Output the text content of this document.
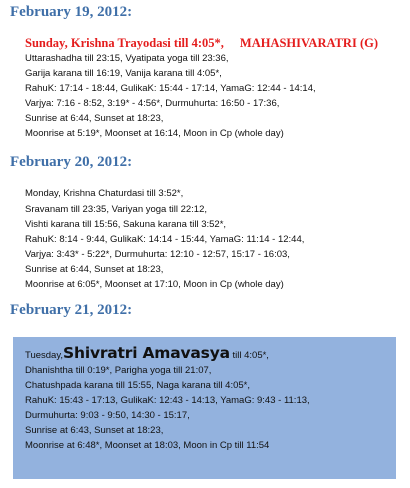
February 19, 2012:
Sunday, Krishna Trayodasi till 4:05*, MAHASHIVARATRI (G)
Uttarashadha till 23:15, Vyatipata yoga till 23:36,
Garija karana till 16:19, Vanija karana till 4:05*,
RahuK: 17:14 - 18:44, GulikaK: 15:44 - 17:14, YamaG: 12:44 - 14:14,
Varjya: 7:16 - 8:52, 3:19* - 4:56*, Durmuhurta: 16:50 - 17:36,
Sunrise at 6:44, Sunset at 18:23,
Moonrise at 5:19*, Moonset at 16:14, Moon in Cp (whole day)
February 20, 2012:
Monday, Krishna Chaturdasi till 3:52*,
Sravanam till 23:35, Variyan yoga till 22:12,
Vishti karana till 15:56, Sakuna karana till 3:52*,
RahuK: 8:14 - 9:44, GulikaK: 14:14 - 15:44, YamaG: 11:14 - 12:44,
Varjya: 3:43* - 5:22*, Durmuhurta: 12:10 - 12:57, 15:17 - 16:03,
Sunrise at 6:44, Sunset at 18:23,
Moonrise at 6:05*, Moonset at 17:10, Moon in Cp (whole day)
February 21, 2012:
Tuesday,Shivratri Amavasya till 4:05*,
Dhanishtha till 0:19*, Parigha yoga till 21:07,
Chatushpada karana till 15:55, Naga karana till 4:05*,
RahuK: 15:43 - 17:13, GulikaK: 12:43 - 14:13, YamaG: 9:43 - 11:13,
Durmuhurta: 9:03 - 9:50, 14:30 - 15:17,
Sunrise at 6:43, Sunset at 18:23,
Moonrise at 6:48*, Moonset at 18:03, Moon in Cp till 11:54
